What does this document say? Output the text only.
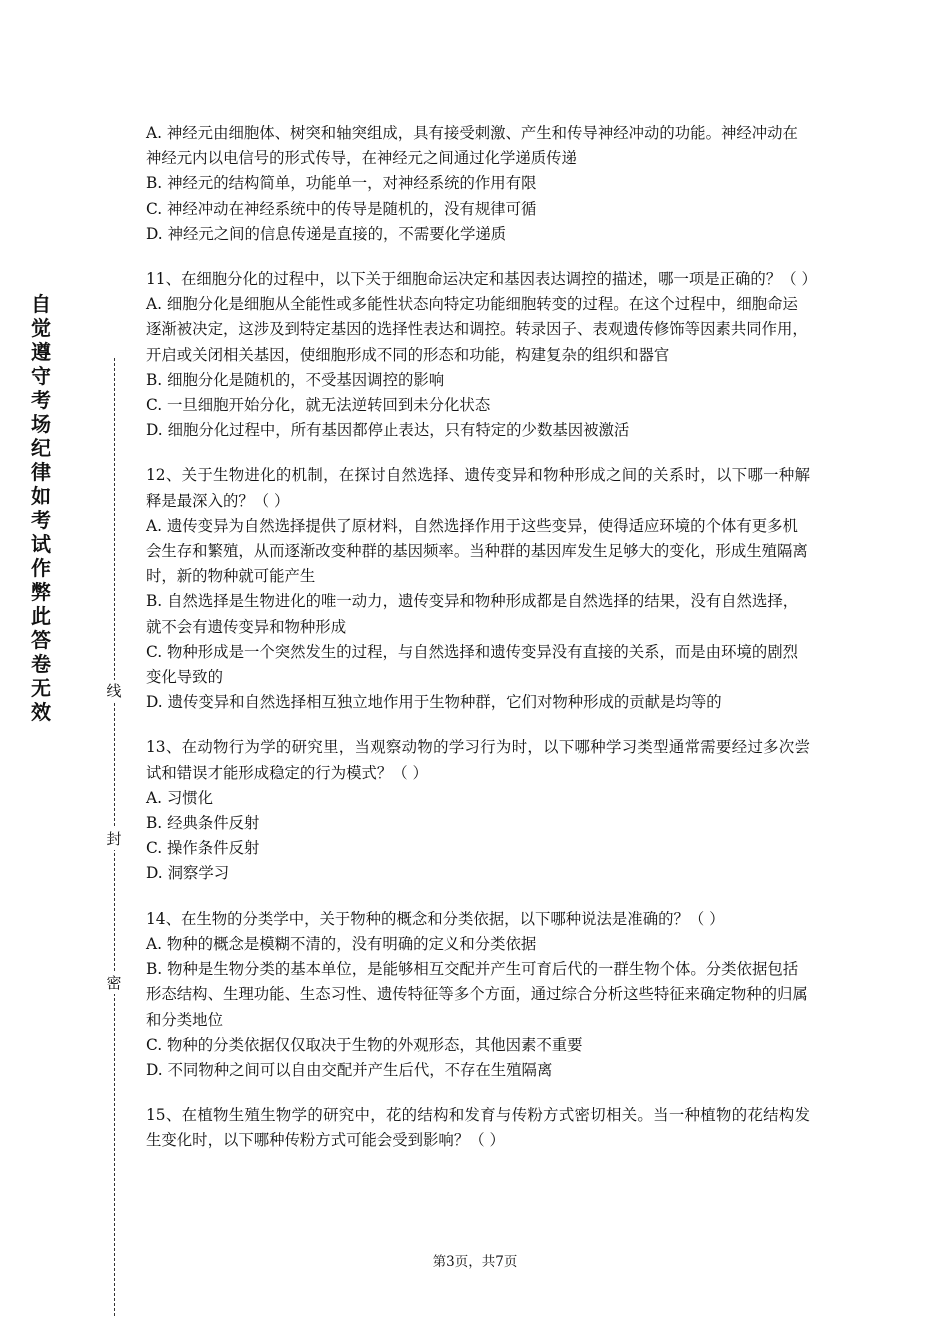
自觉遵守考场纪律如考试作弊此答卷无效
线
封
密

A. 神经元由细胞体、树突和轴突组成，具有接受刺激、产生和传导神经冲动的功能。神经冲动在神经元内以电信号的形式传导，在神经元之间通过化学递质传递

B. 神经元的结构简单，功能单一，对神经系统的作用有限

C. 神经冲动在神经系统中的传导是随机的，没有规律可循

D. 神经元之间的信息传递是直接的，不需要化学递质

11、在细胞分化的过程中，以下关于细胞命运决定和基因表达调控的描述，哪一项是正确的？（ ）

A. 细胞分化是细胞从全能性或多能性状态向特定功能细胞转变的过程。在这个过程中，细胞命运逐渐被决定，这涉及到特定基因的选择性表达和调控。转录因子、表观遗传修饰等因素共同作用，开启或关闭相关基因，使细胞形成不同的形态和功能，构建复杂的组织和器官

B. 细胞分化是随机的，不受基因调控的影响

C. 一旦细胞开始分化，就无法逆转回到未分化状态

D. 细胞分化过程中，所有基因都停止表达，只有特定的少数基因被激活

12、关于生物进化的机制，在探讨自然选择、遗传变异和物种形成之间的关系时，以下哪一种解释是最深入的？（ ）

A. 遗传变异为自然选择提供了原材料，自然选择作用于这些变异，使得适应环境的个体有更多机会生存和繁殖，从而逐渐改变种群的基因频率。当种群的基因库发生足够大的变化，形成生殖隔离时，新的物种就可能产生

B. 自然选择是生物进化的唯一动力，遗传变异和物种形成都是自然选择的结果，没有自然选择，就不会有遗传变异和物种形成

C. 物种形成是一个突然发生的过程，与自然选择和遗传变异没有直接的关系，而是由环境的剧烈变化导致的

D. 遗传变异和自然选择相互独立地作用于生物种群，它们对物种形成的贡献是均等的

13、在动物行为学的研究里，当观察动物的学习行为时，以下哪种学习类型通常需要经过多次尝试和错误才能形成稳定的行为模式？（ ）

A. 习惯化

B. 经典条件反射

C. 操作条件反射

D. 洞察学习

14、在生物的分类学中，关于物种的概念和分类依据，以下哪种说法是准确的？（ ）

A. 物种的概念是模糊不清的，没有明确的定义和分类依据

B. 物种是生物分类的基本单位，是能够相互交配并产生可育后代的一群生物个体。分类依据包括形态结构、生理功能、生态习性、遗传特征等多个方面，通过综合分析这些特征来确定物种的归属和分类地位

C. 物种的分类依据仅仅取决于生物的外观形态，其他因素不重要

D. 不同物种之间可以自由交配并产生后代，不存在生殖隔离

15、在植物生殖生物学的研究中，花的结构和发育与传粉方式密切相关。当一种植物的花结构发生变化时，以下哪种传粉方式可能会受到影响？（ ）

第3页，共7页
